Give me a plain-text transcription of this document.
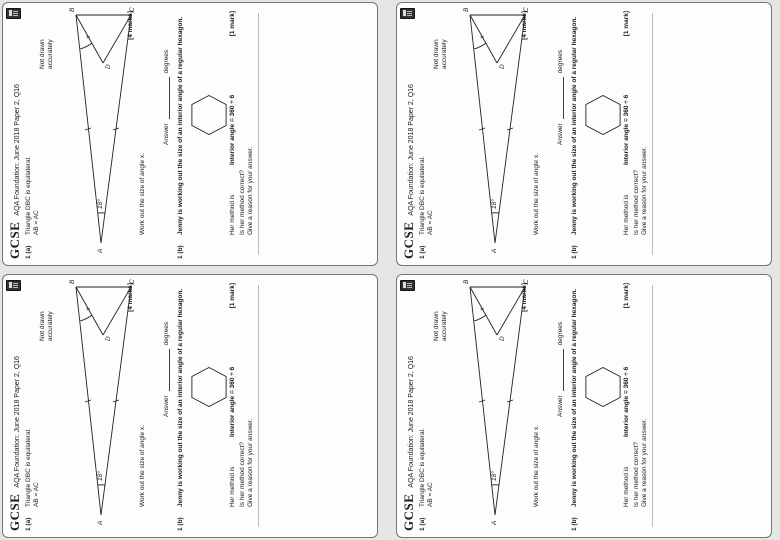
GCSE
AQA Foundation: June 2018 Paper 2, Q16
1 (a)
Triangle DBC is equilateral. AB = AC
Not drawn accurately
A
B	C
D
18°
x
Work out the size of angle x.
Answerdegrees
[4 marks]
1 (b)
Jenny is working out the size of an interior angle of a regular hexagon.	Her method is
Interior angle = 360 ÷ 6
Is her method correct? Give a reason for your answer.
[1 mark]
GCSE
AQA Foundation: June 2018 Paper 2, Q16
1 (a)
Triangle DBC is equilateral. AB = AC
Not drawn accurately
A
B	C
D
18°
x
Work out the size of angle x.
Answerdegrees
[4 marks]
1 (b)
Jenny is working out the size of an interior angle of a regular hexagon.	Her method is
Interior angle = 360 ÷ 6
Is her method correct? Give a reason for your answer.
[1 mark]
GCSE
AQA Foundation: June 2018 Paper 2, Q16
1 (a)
Triangle DBC is equilateral. AB = AC
Not drawn accurately
A
B	C
D
18°
x
Work out the size of angle x.
Answerdegrees
[4 marks]
1 (b)
Jenny is working out the size of an interior angle of a regular hexagon.	Her method is
Interior angle = 360 ÷ 6
Is her method correct? Give a reason for your answer.
[1 mark]
GCSE
AQA Foundation: June 2018 Paper 2, Q16
1 (a)
Triangle DBC is equilateral. AB = AC
Not drawn accurately
A
B	C
D
18°
x
Work out the size of angle x.
Answerdegrees
[4 marks]
1 (b)
Jenny is working out the size of an interior angle of a regular hexagon.	Her method is
Interior angle = 360 ÷ 6
Is her method correct? Give a reason for your answer.
[1 mark]
